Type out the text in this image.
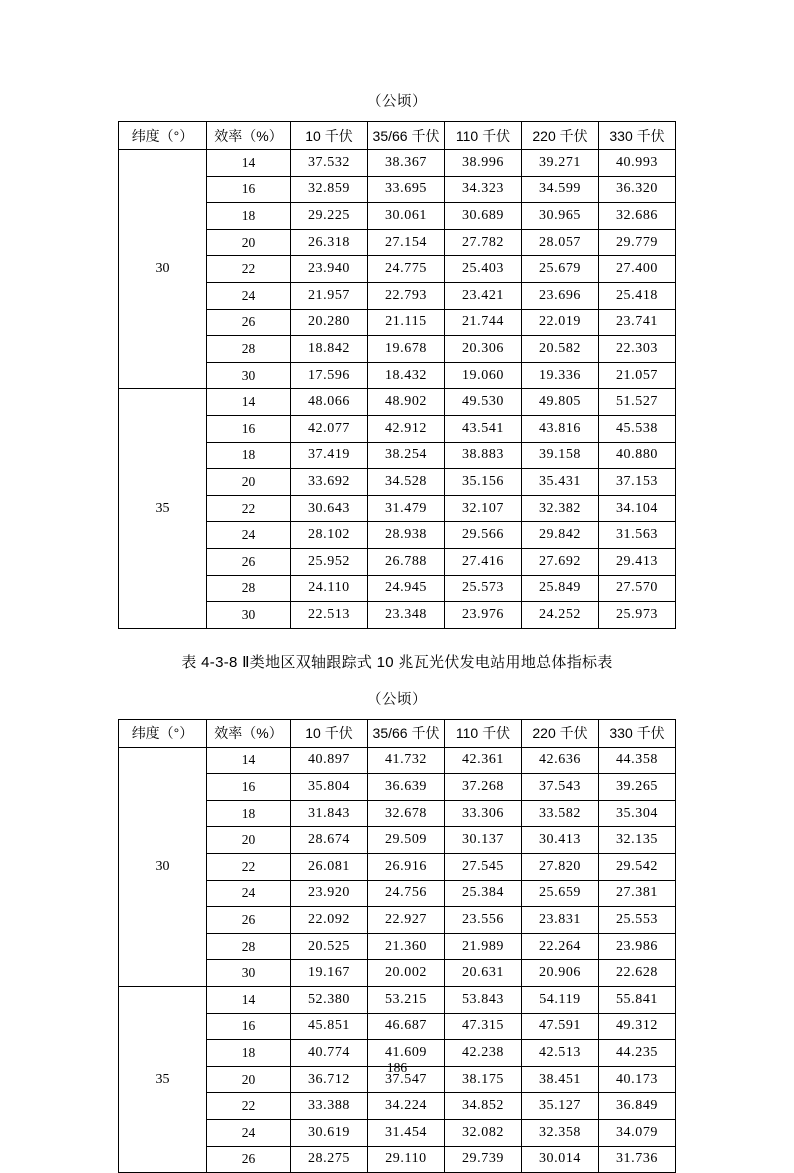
（公顷）
纬度（°）	效率（%）	10 千伏	35/66 千伏	110 千伏	220 千伏	330 千伏
30	14	37.532	38.367	38.996	39.271	40.993
	16	32.859	33.695	34.323	34.599	36.320
	18	29.225	30.061	30.689	30.965	32.686
	20	26.318	27.154	27.782	28.057	29.779
	22	23.940	24.775	25.403	25.679	27.400
	24	21.957	22.793	23.421	23.696	25.418
	26	20.280	21.115	21.744	22.019	23.741
	28	18.842	19.678	20.306	20.582	22.303
	30	17.596	18.432	19.060	19.336	21.057
35	14	48.066	48.902	49.530	49.805	51.527
	16	42.077	42.912	43.541	43.816	45.538
	18	37.419	38.254	38.883	39.158	40.880
	20	33.692	34.528	35.156	35.431	37.153
	22	30.643	31.479	32.107	32.382	34.104
	24	28.102	28.938	29.566	29.842	31.563
	26	25.952	26.788	27.416	27.692	29.413
	28	24.110	24.945	25.573	25.849	27.570
	30	22.513	23.348	23.976	24.252	25.973
表 4-3-8 Ⅱ类地区双轴跟踪式 10 兆瓦光伏发电站用地总体指标表
（公顷）
纬度（°）	效率（%）	10 千伏	35/66 千伏	110 千伏	220 千伏	330 千伏
30	14	40.897	41.732	42.361	42.636	44.358
	16	35.804	36.639	37.268	37.543	39.265
	18	31.843	32.678	33.306	33.582	35.304
	20	28.674	29.509	30.137	30.413	32.135
	22	26.081	26.916	27.545	27.820	29.542
	24	23.920	24.756	25.384	25.659	27.381
	26	22.092	22.927	23.556	23.831	25.553
	28	20.525	21.360	21.989	22.264	23.986
	30	19.167	20.002	20.631	20.906	22.628
35	14	52.380	53.215	53.843	54.119	55.841
	16	45.851	46.687	47.315	47.591	49.312
	18	40.774	41.609	42.238	42.513	44.235
	20	36.712	37.547	38.175	38.451	40.173
	22	33.388	34.224	34.852	35.127	36.849
	24	30.619	31.454	32.082	32.358	34.079
	26	28.275	29.110	29.739	30.014	31.736
186
